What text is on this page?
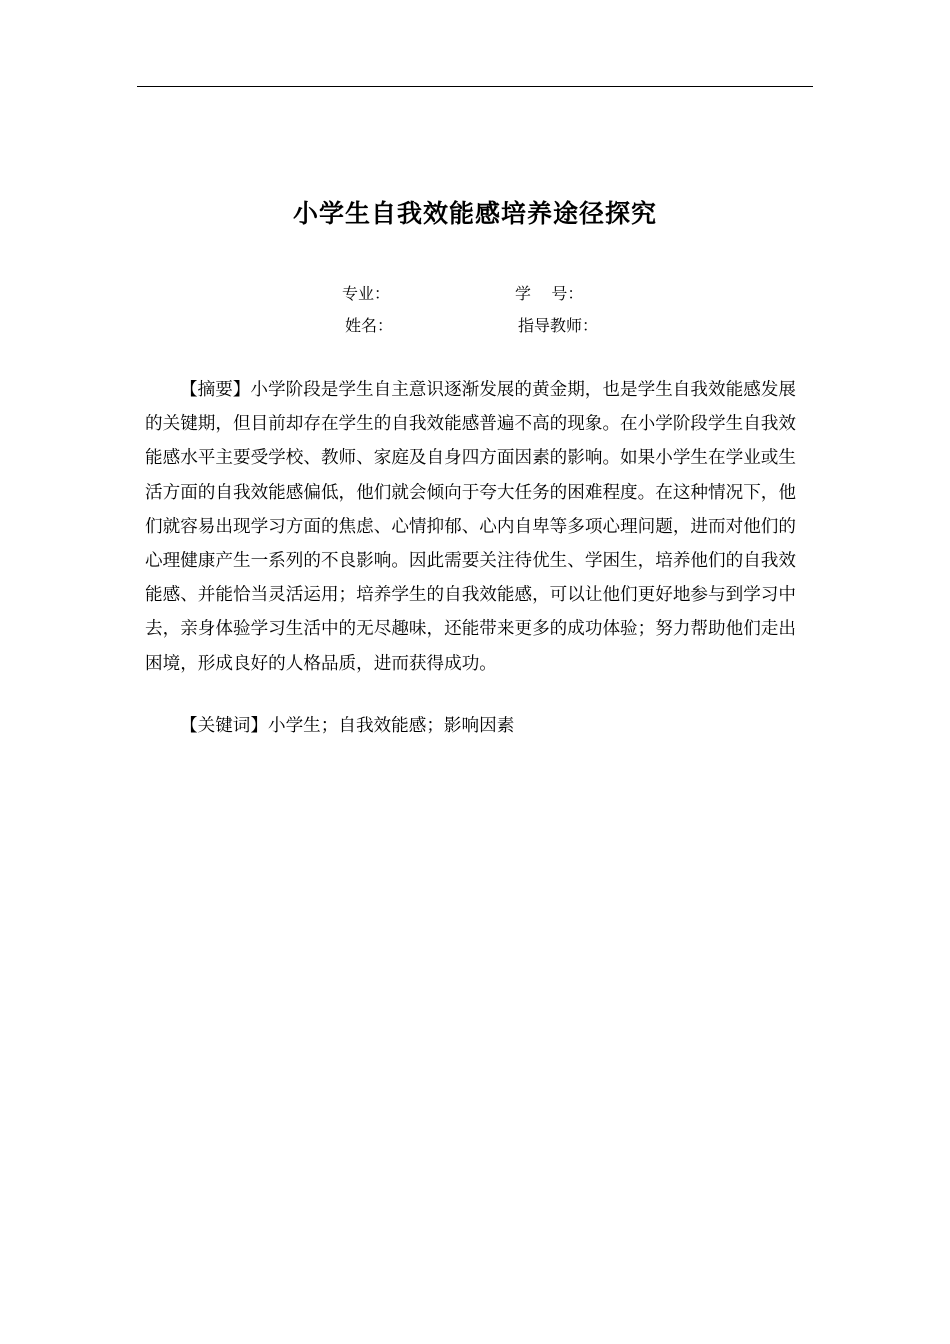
小学生自我效能感培养途径探究
专业：	学    号：
姓名：	指导教师：

【摘要】小学阶段是学生自主意识逐渐发展的黄金期，也是学生自我效能感发展的关键期，但目前却存在学生的自我效能感普遍不高的现象。在小学阶段学生自我效能感水平主要受学校、教师、家庭及自身四方面因素的影响。如果小学生在学业或生活方面的自我效能感偏低，他们就会倾向于夸大任务的困难程度。在这种情况下，他们就容易出现学习方面的焦虑、心情抑郁、心内自卑等多项心理问题，进而对他们的心理健康产生一系列的不良影响。因此需要关注待优生、学困生，培养他们的自我效能感、并能恰当灵活运用；培养学生的自我效能感，可以让他们更好地参与到学习中去，亲身体验学习生活中的无尽趣味，还能带来更多的成功体验；努力帮助他们走出困境，形成良好的人格品质，进而获得成功。

【关键词】小学生；自我效能感；影响因素
